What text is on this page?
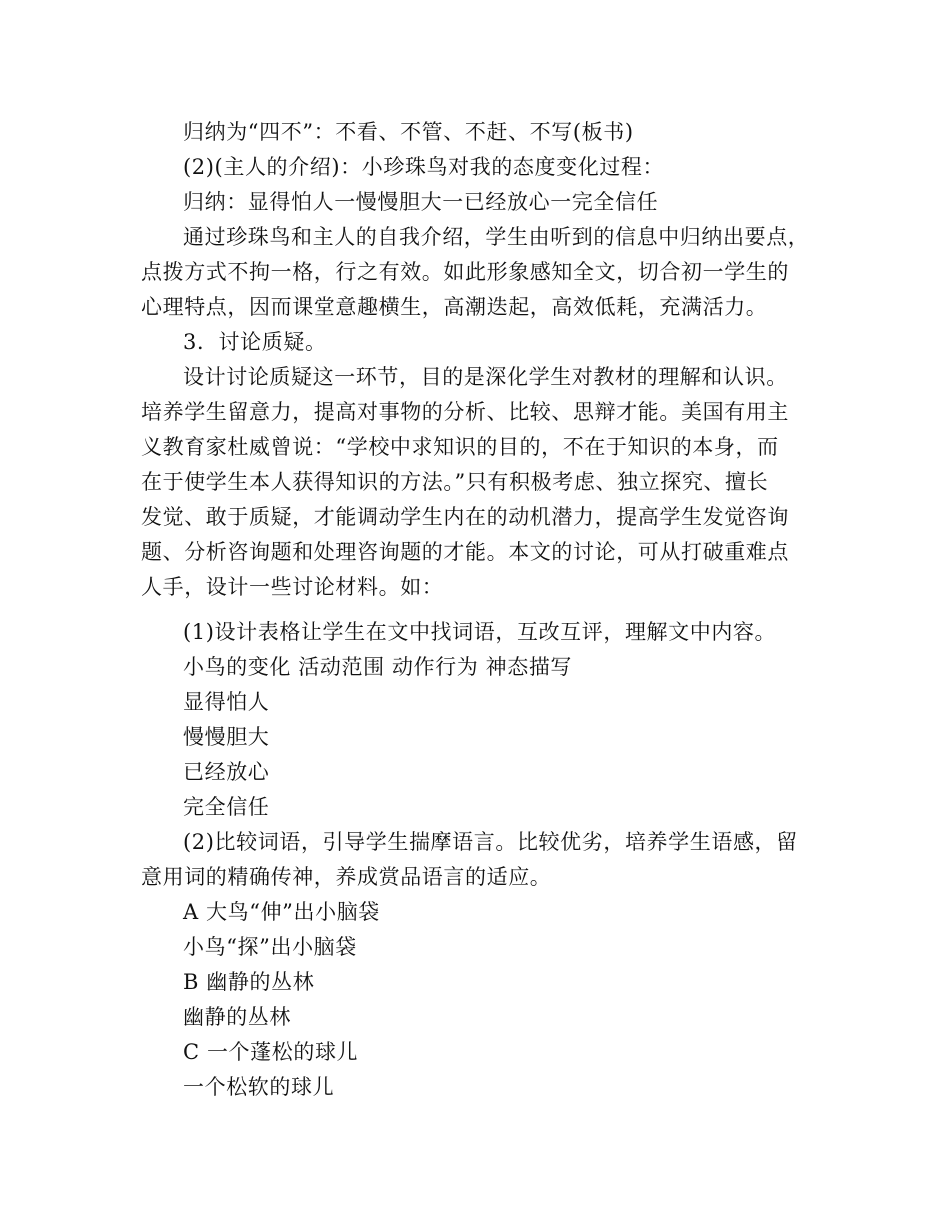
归纳为“四不”：不看、不管、不赶、不写(板书)
(2)(主人的介绍)：小珍珠鸟对我的态度变化过程：
归纳：显得怕人一慢慢胆大一已经放心一完全信任
通过珍珠鸟和主人的自我介绍，学生由听到的信息中归纳出要点，
点拨方式不拘一格，行之有效。如此形象感知全文，切合初一学生的
心理特点，因而课堂意趣横生，高潮迭起，高效低耗，充满活力。
3．讨论质疑。
设计讨论质疑这一环节，目的是深化学生对教材的理解和认识。
培养学生留意力，提高对事物的分析、比较、思辩才能。美国有用主
义教育家杜威曾说：“学校中求知识的目的，不在于知识的本身，而
在于使学生本人获得知识的方法。”只有积极考虑、独立探究、擅长
发觉、敢于质疑，才能调动学生内在的动机潜力，提高学生发觉咨询
题、分析咨询题和处理咨询题的才能。本文的讨论，可从打破重难点
人手，设计一些讨论材料。如：
(1)设计表格让学生在文中找词语，互改互评，理解文中内容。
小鸟的变化 活动范围 动作行为 神态描写
显得怕人
慢慢胆大
已经放心
完全信任
(2)比较词语，引导学生揣摩语言。比较优劣，培养学生语感，留
意用词的精确传神，养成赏品语言的适应。
A 大鸟“伸”出小脑袋
小鸟“探”出小脑袋
B 幽静的丛林
幽静的丛林
C 一个蓬松的球儿
一个松软的球儿
